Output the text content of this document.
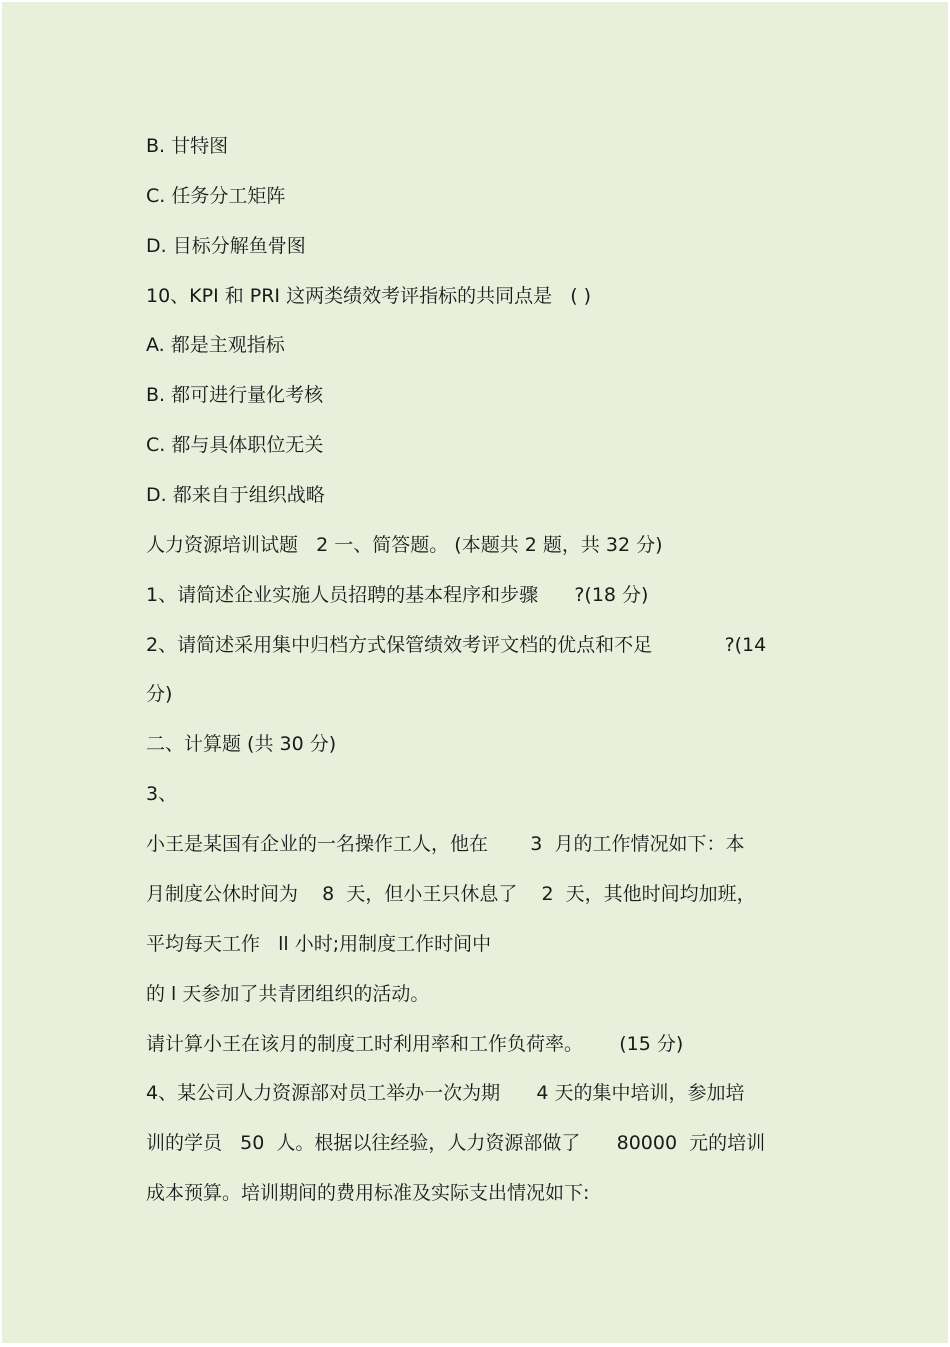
B. 甘特图
C. 任务分工矩阵
D. 目标分解鱼骨图
10、KPI 和 PRI 这两类绩效考评指标的共同点是   ( )
A. 都是主观指标
B. 都可进行量化考核
C. 都与具体职位无关
D. 都来自于组织战略
人力资源培训试题   2 一、简答题。 (本题共 2 题，共 32 分)
1、请简述企业实施人员招聘的基本程序和步骤      ?(18 分)
2、请简述采用集中归档方式保管绩效考评文档的优点和不足            ?(14
分)
二、计算题 (共 30 分)
3、
小王是某国有企业的一名操作工人，他在       3  月的工作情况如下：本
月制度公休时间为    8  天，但小王只休息了    2  天，其他时间均加班，
平均每天工作   ll 小时;用制度工作时间中
的 l 天参加了共青团组织的活动。
请计算小王在该月的制度工时利用率和工作负荷率。      (15 分)
4、某公司人力资源部对员工举办一次为期      4 天的集中培训，参加培
训的学员   50  人。根据以往经验，人力资源部做了      80000  元的培训
成本预算。培训期间的费用标准及实际支出情况如下:
